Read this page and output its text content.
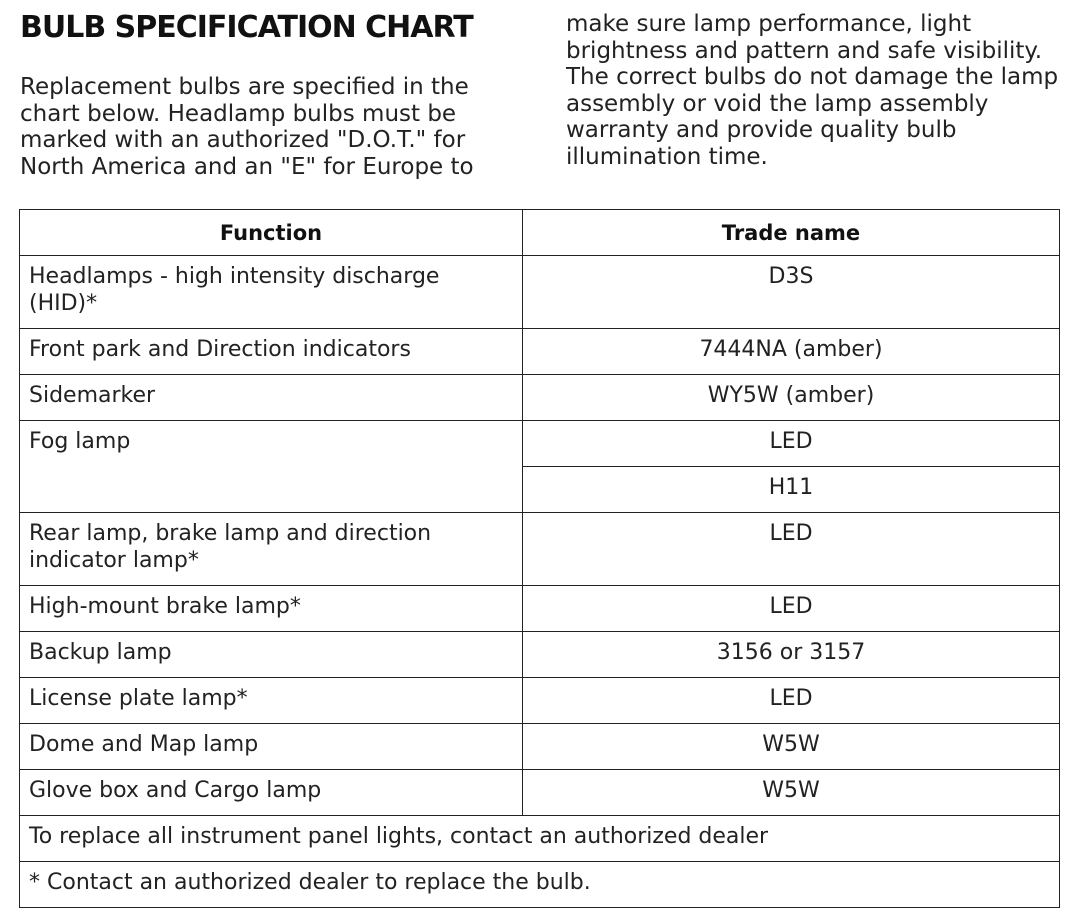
BULB SPECIFICATION CHART
Replacement bulbs are specified in the
chart below. Headlamp bulbs must be
marked with an authorized "D.O.T." for
North America and an "E" for Europe to
make sure lamp performance, light
brightness and pattern and safe visibility.
The correct bulbs do not damage the lamp
assembly or void the lamp assembly
warranty and provide quality bulb
illumination time.
Function	Trade name
Headlamps - high intensity discharge
(HID)*	D3S
Front park and Direction indicators	7444NA (amber)
Sidemarker	WY5W (amber)
Fog lamp	LED
	H11
Rear lamp, brake lamp and direction
indicator lamp*	LED
High-mount brake lamp*	LED
Backup lamp	3156 or 3157
License plate lamp*	LED
Dome and Map lamp	W5W
Glove box and Cargo lamp	W5W
To replace all instrument panel lights, contact an authorized dealer	
* Contact an authorized dealer to replace the bulb.	
